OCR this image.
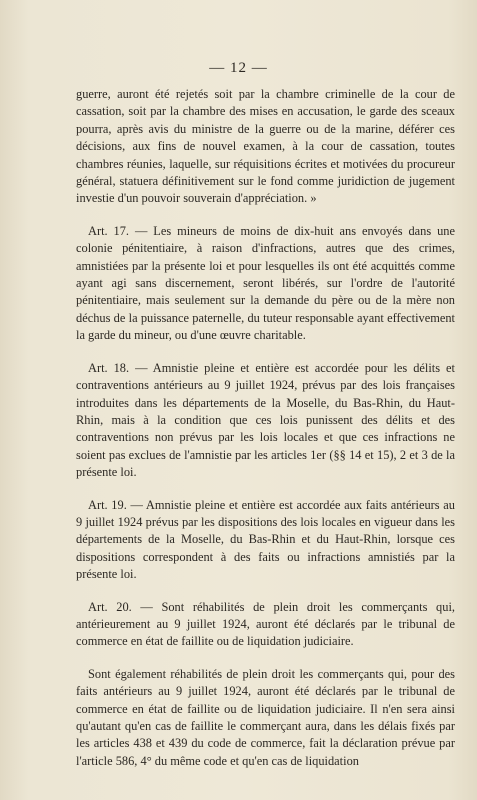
— 12 —

guerre, auront été rejetés soit par la chambre criminelle de la cour de cassation, soit par la chambre des mises en accusation, le garde des sceaux pourra, après avis du ministre de la guerre ou de la marine, déférer ces décisions, aux fins de nouvel examen, à la cour de cassation, toutes chambres réunies, laquelle, sur réquisitions écrites et motivées du procureur général, statuera définitivement sur le fond comme juridiction de jugement investie d'un pouvoir souverain d'appréciation. »

Art. 17. — Les mineurs de moins de dix-huit ans envoyés dans une colonie pénitentiaire, à raison d'infractions, autres que des crimes, amnistiées par la présente loi et pour lesquelles ils ont été acquittés comme ayant agi sans discernement, seront libérés, sur l'ordre de l'autorité pénitentiaire, mais seulement sur la demande du père ou de la mère non déchus de la puissance paternelle, du tuteur responsable ayant effectivement la garde du mineur, ou d'une œuvre charitable.

Art. 18. — Amnistie pleine et entière est accordée pour les délits et contraventions antérieurs au 9 juillet 1924, prévus par des lois françaises introduites dans les départements de la Moselle, du Bas-Rhin, du Haut-Rhin, mais à la condition que ces lois punissent des délits et des contraventions non prévus par les lois locales et que ces infractions ne soient pas exclues de l'amnistie par les articles 1er (§§ 14 et 15), 2 et 3 de la présente loi.

Art. 19. — Amnistie pleine et entière est accordée aux faits antérieurs au 9 juillet 1924 prévus par les dispositions des lois locales en vigueur dans les départements de la Moselle, du Bas-Rhin et du Haut-Rhin, lorsque ces dispositions correspondent à des faits ou infractions amnistiés par la présente loi.

Art. 20. — Sont réhabilités de plein droit les commerçants qui, antérieurement au 9 juillet 1924, auront été déclarés par le tribunal de commerce en état de faillite ou de liquidation judiciaire.

Sont également réhabilités de plein droit les commerçants qui, pour des faits antérieurs au 9 juillet 1924, auront été déclarés par le tribunal de commerce en état de faillite ou de liquidation judiciaire. Il n'en sera ainsi qu'autant qu'en cas de faillite le commerçant aura, dans les délais fixés par les articles 438 et 439 du code de commerce, fait la déclaration prévue par l'article 586, 4° du même code et qu'en cas de liquidation
